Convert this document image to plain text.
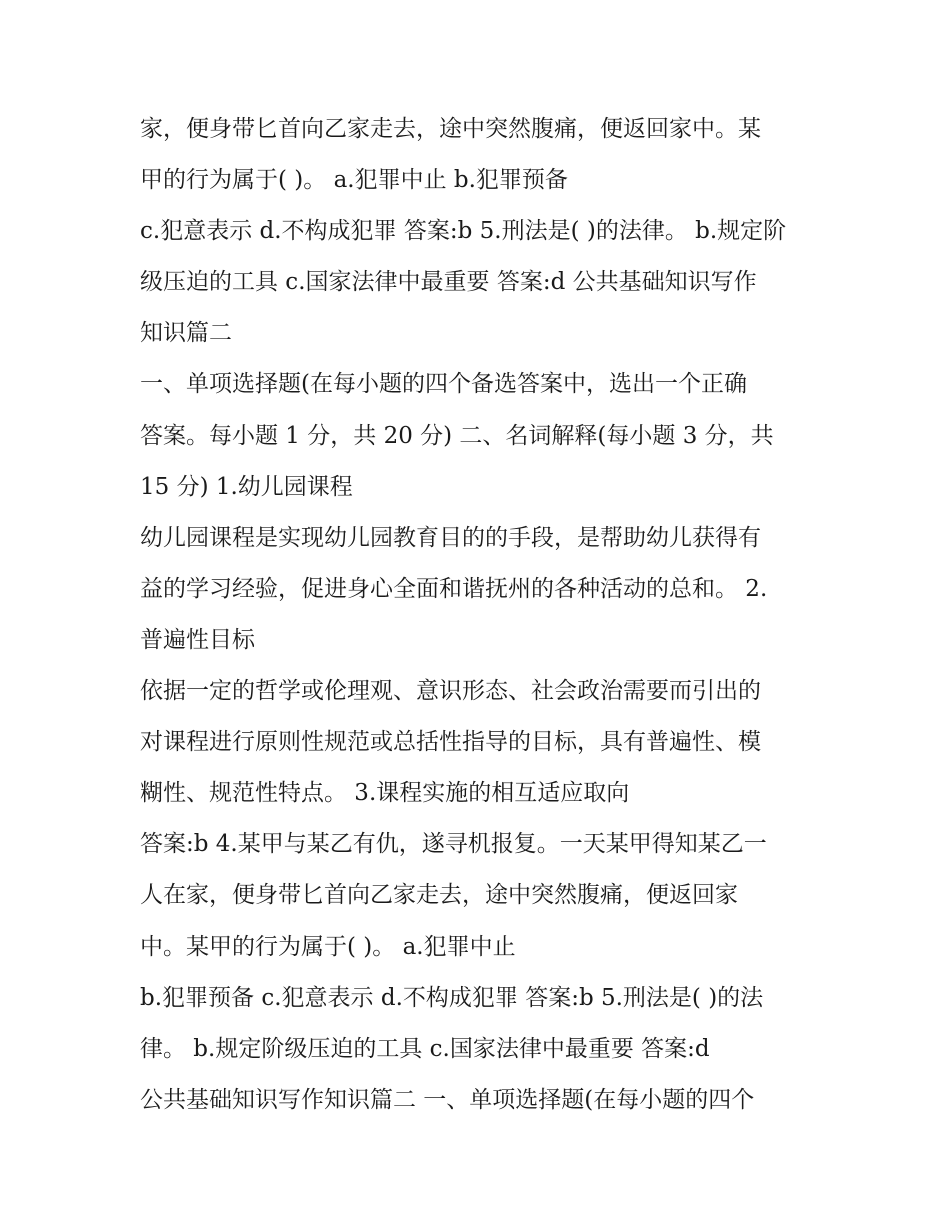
家，便身带匕首向乙家走去，途中突然腹痛，便返回家中。某
甲的行为属于( )。 a.犯罪中止 b.犯罪预备
c.犯意表示 d.不构成犯罪 答案:b 5.刑法是( )的法律。 b.规定阶
级压迫的工具 c.国家法律中最重要 答案:d 公共基础知识写作
知识篇二
一、单项选择题(在每小题的四个备选答案中，选出一个正确
答案。每小题 1 分，共 20 分) 二、名词解释(每小题 3 分，共
15 分) 1.幼儿园课程
幼儿园课程是实现幼儿园教育目的的手段，是帮助幼儿获得有
益的学习经验，促进身心全面和谐抚州的各种活动的总和。 2.
普遍性目标
依据一定的哲学或伦理观、意识形态、社会政治需要而引出的
对课程进行原则性规范或总括性指导的目标，具有普遍性、模
糊性、规范性特点。 3.课程实施的相互适应取向
答案:b 4.某甲与某乙有仇，遂寻机报复。一天某甲得知某乙一
人在家，便身带匕首向乙家走去，途中突然腹痛，便返回家
中。某甲的行为属于( )。 a.犯罪中止
b.犯罪预备 c.犯意表示 d.不构成犯罪 答案:b 5.刑法是( )的法
律。 b.规定阶级压迫的工具 c.国家法律中最重要 答案:d
公共基础知识写作知识篇二 一、单项选择题(在每小题的四个
